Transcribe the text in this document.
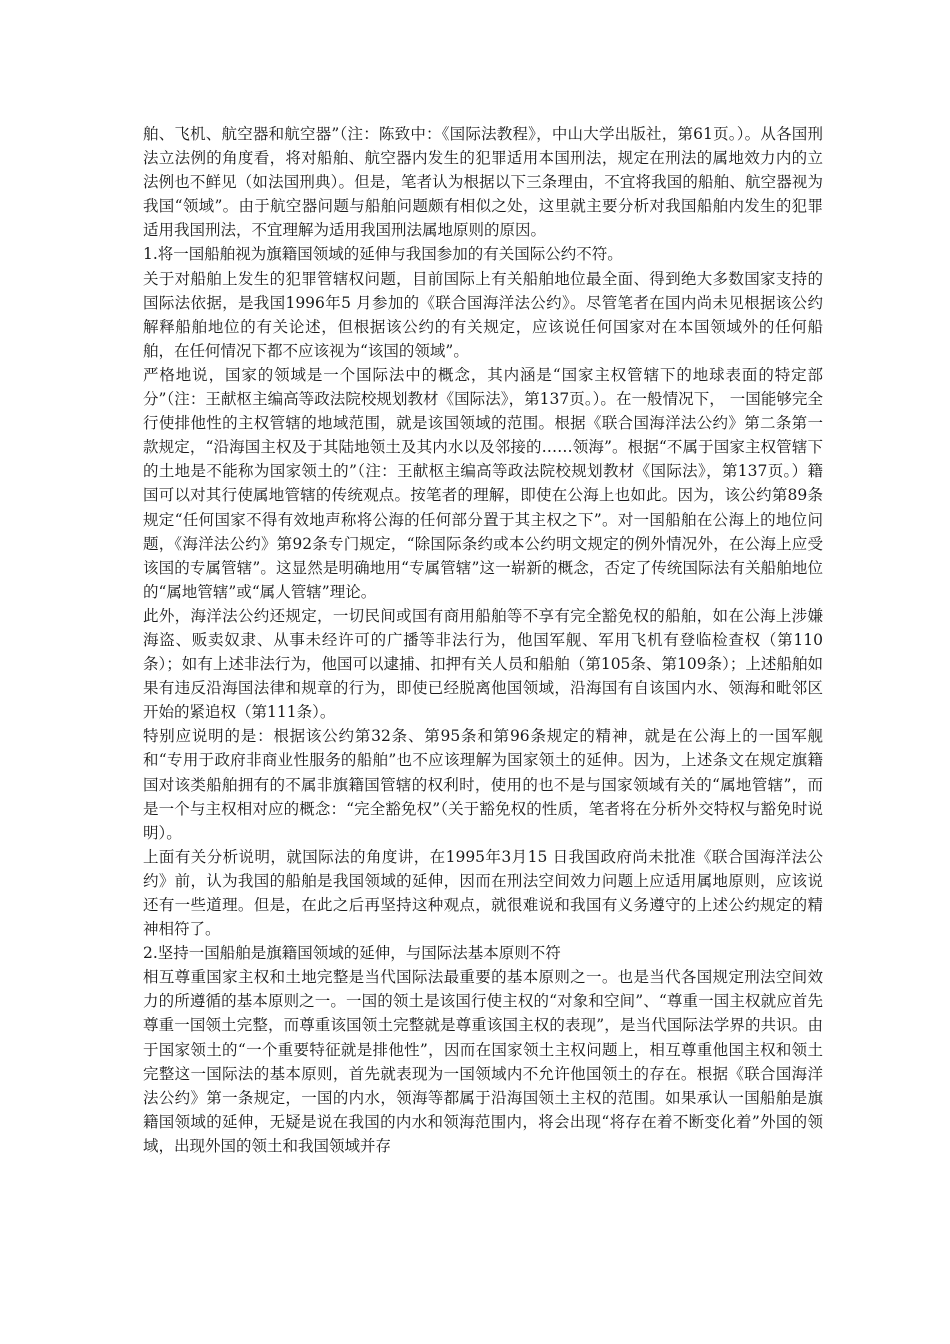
舶、飞机、航空器和航空器”（注：陈致中：《国际法教程》，中山大学出版社，第61页。）。从各国刑法立法例的角度看，将对船舶、航空器内发生的犯罪适用本国刑法，规定在刑法的属地效力内的立法例也不鲜见（如法国刑典）。但是，笔者认为根据以下三条理由，不宜将我国的船舶、航空器视为我国“领域”。由于航空器问题与船舶问题颇有相似之处，这里就主要分析对我国船舶内发生的犯罪适用我国刑法，不宜理解为适用我国刑法属地原则的原因。

1.将一国船舶视为旗籍国领域的延伸与我国参加的有关国际公约不符。

关于对船舶上发生的犯罪管辖权问题，目前国际上有关船舶地位最全面、得到绝大多数国家支持的国际法依据，是我国1996年5 月参加的《联合国海洋法公约》。尽管笔者在国内尚未见根据该公约解释船舶地位的有关论述，但根据该公约的有关规定，应该说任何国家对在本国领域外的任何船舶，在任何情况下都不应该视为“该国的领域”。

严格地说，国家的领域是一个国际法中的概念，其内涵是“国家主权管辖下的地球表面的特定部分”（注：王献枢主编高等政法院校规划教材《国际法》，第137页。）。在一般情况下， 一国能够完全行使排他性的主权管辖的地域范围，就是该国领域的范围。根据《联合国海洋法公约》第二条第一款规定，“沿海国主权及于其陆地领土及其内水以及邻接的……领海”。根据“不属于国家主权管辖下的土地是不能称为国家领土的”（注：王献枢主编高等政法院校规划教材《国际法》，第137页。）籍国可以对其行使属地管辖的传统观点。按笔者的理解，即使在公海上也如此。因为，该公约第89条规定“任何国家不得有效地声称将公海的任何部分置于其主权之下”。对一国船舶在公海上的地位问题，《海洋法公约》第92条专门规定，“除国际条约或本公约明文规定的例外情况外，在公海上应受该国的专属管辖”。这显然是明确地用“专属管辖”这一崭新的概念，否定了传统国际法有关船舶地位的“属地管辖”或“属人管辖”理论。

此外，海洋法公约还规定，一切民间或国有商用船舶等不享有完全豁免权的船舶，如在公海上涉嫌海盗、贩卖奴隶、从事未经许可的广播等非法行为，他国军舰、军用飞机有登临检查权（第110条）；如有上述非法行为，他国可以逮捕、扣押有关人员和船舶（第105条、第109条）；上述船舶如果有违反沿海国法律和规章的行为，即使已经脱离他国领域，沿海国有自该国内水、领海和毗邻区开始的紧追权（第111条）。

特别应说明的是：根据该公约第32条、第95条和第96条规定的精神，就是在公海上的一国军舰和“专用于政府非商业性服务的船舶”也不应该理解为国家领土的延伸。因为，上述条文在规定旗籍国对该类船舶拥有的不属非旗籍国管辖的权利时，使用的也不是与国家领域有关的“属地管辖”，而是一个与主权相对应的概念：“完全豁免权”（关于豁免权的性质，笔者将在分析外交特权与豁免时说明）。

上面有关分析说明，就国际法的角度讲，在1995年3月15 日我国政府尚未批准《联合国海洋法公约》前，认为我国的船舶是我国领域的延伸，因而在刑法空间效力问题上应适用属地原则，应该说还有一些道理。但是，在此之后再坚持这种观点，就很难说和我国有义务遵守的上述公约规定的精神相符了。

2.坚持一国船舶是旗籍国领域的延伸，与国际法基本原则不符

相互尊重国家主权和土地完整是当代国际法最重要的基本原则之一。也是当代各国规定刑法空间效力的所遵循的基本原则之一。一国的领土是该国行使主权的“对象和空间”、“尊重一国主权就应首先尊重一国领土完整，而尊重该国领土完整就是尊重该国主权的表现”，是当代国际法学界的共识。由于国家领土的“一个重要特征就是排他性”，因而在国家领土主权问题上，相互尊重他国主权和领土完整这一国际法的基本原则，首先就表现为一国领域内不允许他国领土的存在。根据《联合国海洋法公约》第一条规定，一国的内水，领海等都属于沿海国领土主权的范围。如果承认一国船舶是旗籍国领域的延伸，无疑是说在我国的内水和领海范围内，将会出现“将存在着不断变化着”外国的领域，出现外国的领土和我国领域并存
